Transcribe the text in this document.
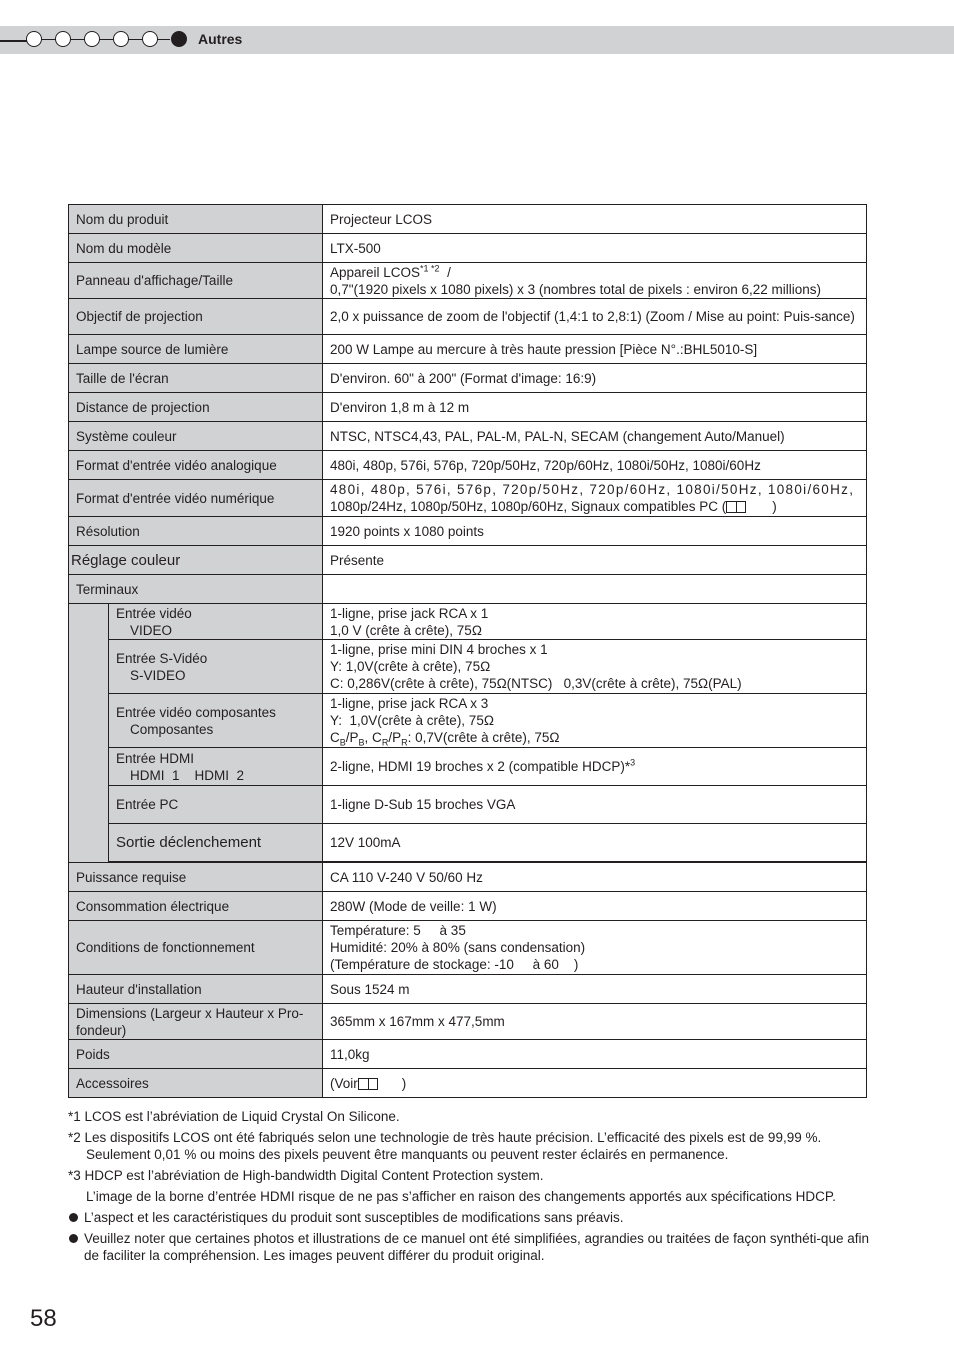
Autres
Nom du produit		Projecteur LCOS
Nom du modèle		LTX-500
Panneau d'affichage/Taille		Appareil $LCOS^{*1 *2}$  /
0,7"(1920 pixels x 1080 pixels) x 3 (nombres total de pixels : environ 6,22 millions)
Objectif de projection		2,0 x puissance de zoom de l'objectif (1,4:1 to 2,8:1) (Zoom / Mise au point: Puis-sance)
Lampe source de lumière		200 W Lampe au mercure à très haute pression [Pièce N°.:BHL5010-S]
Taille de l'écran		D'environ. 60" à 200" (Format d'image: 16:9)
Distance de projection		D'environ 1,8 m à 12 m
Système couleur		NTSC, NTSC4,43, PAL, PAL-M, PAL-N, SECAM (changement Auto/Manuel)
Format d'entrée vidéo analogique		480i, 480p, 576i, 576p, 720p/50Hz, 720p/60Hz, 1080i/50Hz, 1080i/60Hz
Format d'entrée vidéo numérique		480i, 480p, 576i, 576p, 720p/50Hz, 720p/60Hz, 1080i/50Hz, 1080i/60Hz,
1080p/24Hz, 1080p/50Hz, 1080p/60Hz, Signaux compatibles PC ( )
Résolution		1920 points x 1080 points
Réglage couleur		Présente
Terminaux		
	Entrée vidéo
VIDEO	1-ligne, prise jack RCA x 1
1,0 V (crête à crête), 75Ω
	Entrée S-Vidéo
S-VIDEO	1-ligne, prise mini DIN 4 broches x 1
Y: 1,0V(crête à crête), 75Ω
C: 0,286V(crête à crête), 75Ω(NTSC)   0,3V(crête à crête), 75Ω(PAL)
	Entrée vidéo composantes
Composantes	1-ligne, prise jack RCA x 3
Y:  1,0V(crête à crête), 75Ω
$C_B/P_B$, $C_R/P_R$: 0,7V(crête à crête), 75Ω
	Entrée HDMI
HDMI  1    HDMI  2	2-ligne, HDMI 19 broches x 2 (compatible HDCP)*$^3$
	Entrée PC	1-ligne D-Sub 15 broches VGA
	Sortie déclenchement	12V 100mA

Puissance requise		CA 110 V-240 V 50/60 Hz
Consommation électrique		280W (Mode de veille: 1 W)
Conditions de fonctionnement		Température: 5     à 35
Humidité: 20% à 80% (sans condensation)
(Température de stockage: -10     à 60    )
Hauteur d'installation		Sous 1524 m
Dimensions (Largeur x Hauteur x Pro-fondeur)		365mm x 167mm x 477,5mm
Poids		11,0kg
Accessoires		(Voir )
*1 LCOS est l’abréviation de Liquid Crystal On Silicone.
*2 Les dispositifs LCOS ont été fabriqués selon une technologie de très haute précision. L’efficacité des pixels est de 99,99 %.
Seulement 0,01 % ou moins des pixels peuvent être manquants ou peuvent rester éclairés en permanence.
*3 HDCP est l’abréviation de High-bandwidth Digital Content Protection system.
L’image de la borne d’entrée HDMI risque de ne pas s’afficher en raison des changements apportés aux spécifications HDCP.
L’aspect et les caractéristiques du produit sont susceptibles de modifications sans préavis.
Veuillez noter que certaines photos et illustrations de ce manuel ont été simplifiées, agrandies ou traitées de façon synthéti-que afin de faciliter la compréhension. Les images peuvent différer du produit original.
58
